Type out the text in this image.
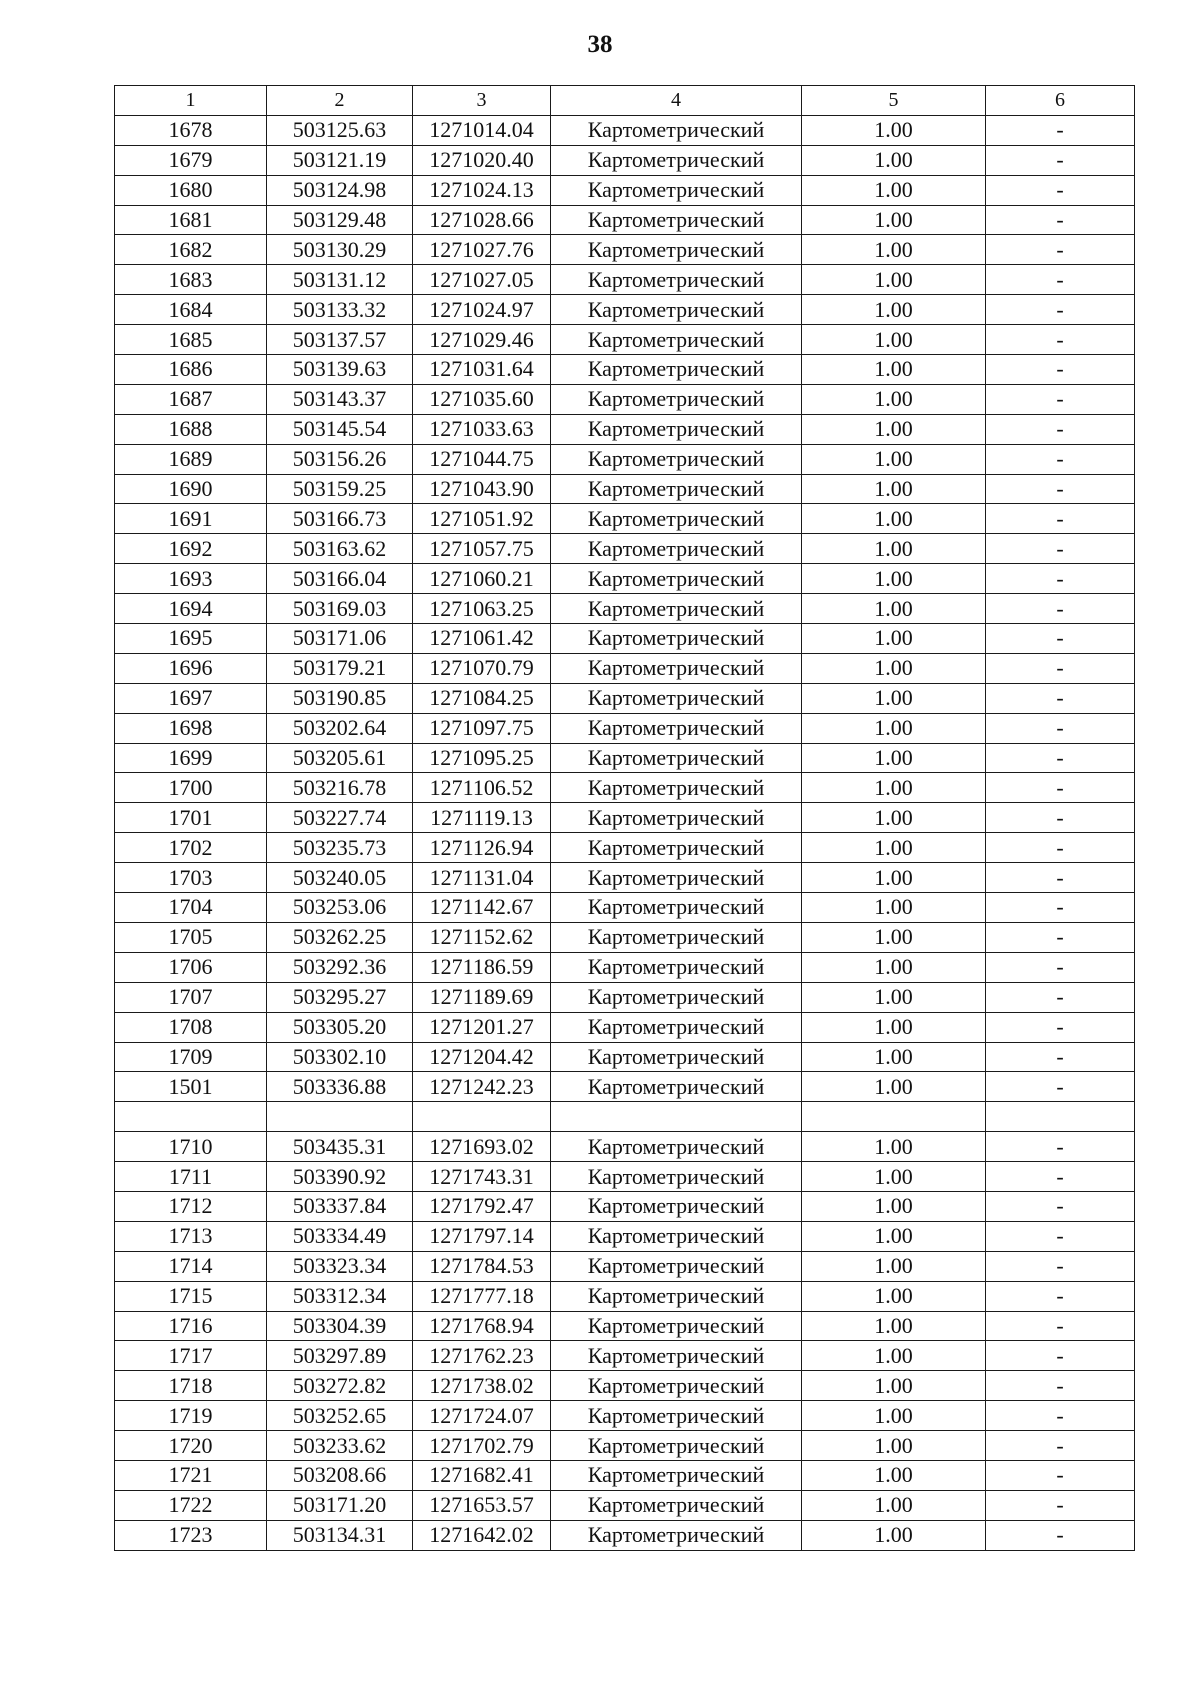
38
1	2	3	4	5	6
1678	503125.63	1271014.04	Картометрический	1.00	-
1679	503121.19	1271020.40	Картометрический	1.00	-
1680	503124.98	1271024.13	Картометрический	1.00	-
1681	503129.48	1271028.66	Картометрический	1.00	-
1682	503130.29	1271027.76	Картометрический	1.00	-
1683	503131.12	1271027.05	Картометрический	1.00	-
1684	503133.32	1271024.97	Картометрический	1.00	-
1685	503137.57	1271029.46	Картометрический	1.00	-
1686	503139.63	1271031.64	Картометрический	1.00	-
1687	503143.37	1271035.60	Картометрический	1.00	-
1688	503145.54	1271033.63	Картометрический	1.00	-
1689	503156.26	1271044.75	Картометрический	1.00	-
1690	503159.25	1271043.90	Картометрический	1.00	-
1691	503166.73	1271051.92	Картометрический	1.00	-
1692	503163.62	1271057.75	Картометрический	1.00	-
1693	503166.04	1271060.21	Картометрический	1.00	-
1694	503169.03	1271063.25	Картометрический	1.00	-
1695	503171.06	1271061.42	Картометрический	1.00	-
1696	503179.21	1271070.79	Картометрический	1.00	-
1697	503190.85	1271084.25	Картометрический	1.00	-
1698	503202.64	1271097.75	Картометрический	1.00	-
1699	503205.61	1271095.25	Картометрический	1.00	-
1700	503216.78	1271106.52	Картометрический	1.00	-
1701	503227.74	1271119.13	Картометрический	1.00	-
1702	503235.73	1271126.94	Картометрический	1.00	-
1703	503240.05	1271131.04	Картометрический	1.00	-
1704	503253.06	1271142.67	Картометрический	1.00	-
1705	503262.25	1271152.62	Картометрический	1.00	-
1706	503292.36	1271186.59	Картометрический	1.00	-
1707	503295.27	1271189.69	Картометрический	1.00	-
1708	503305.20	1271201.27	Картометрический	1.00	-
1709	503302.10	1271204.42	Картометрический	1.00	-
1501	503336.88	1271242.23	Картометрический	1.00	-

1710	503435.31	1271693.02	Картометрический	1.00	-
1711	503390.92	1271743.31	Картометрический	1.00	-
1712	503337.84	1271792.47	Картометрический	1.00	-
1713	503334.49	1271797.14	Картометрический	1.00	-
1714	503323.34	1271784.53	Картометрический	1.00	-
1715	503312.34	1271777.18	Картометрический	1.00	-
1716	503304.39	1271768.94	Картометрический	1.00	-
1717	503297.89	1271762.23	Картометрический	1.00	-
1718	503272.82	1271738.02	Картометрический	1.00	-
1719	503252.65	1271724.07	Картометрический	1.00	-
1720	503233.62	1271702.79	Картометрический	1.00	-
1721	503208.66	1271682.41	Картометрический	1.00	-
1722	503171.20	1271653.57	Картометрический	1.00	-
1723	503134.31	1271642.02	Картометрический	1.00	-
